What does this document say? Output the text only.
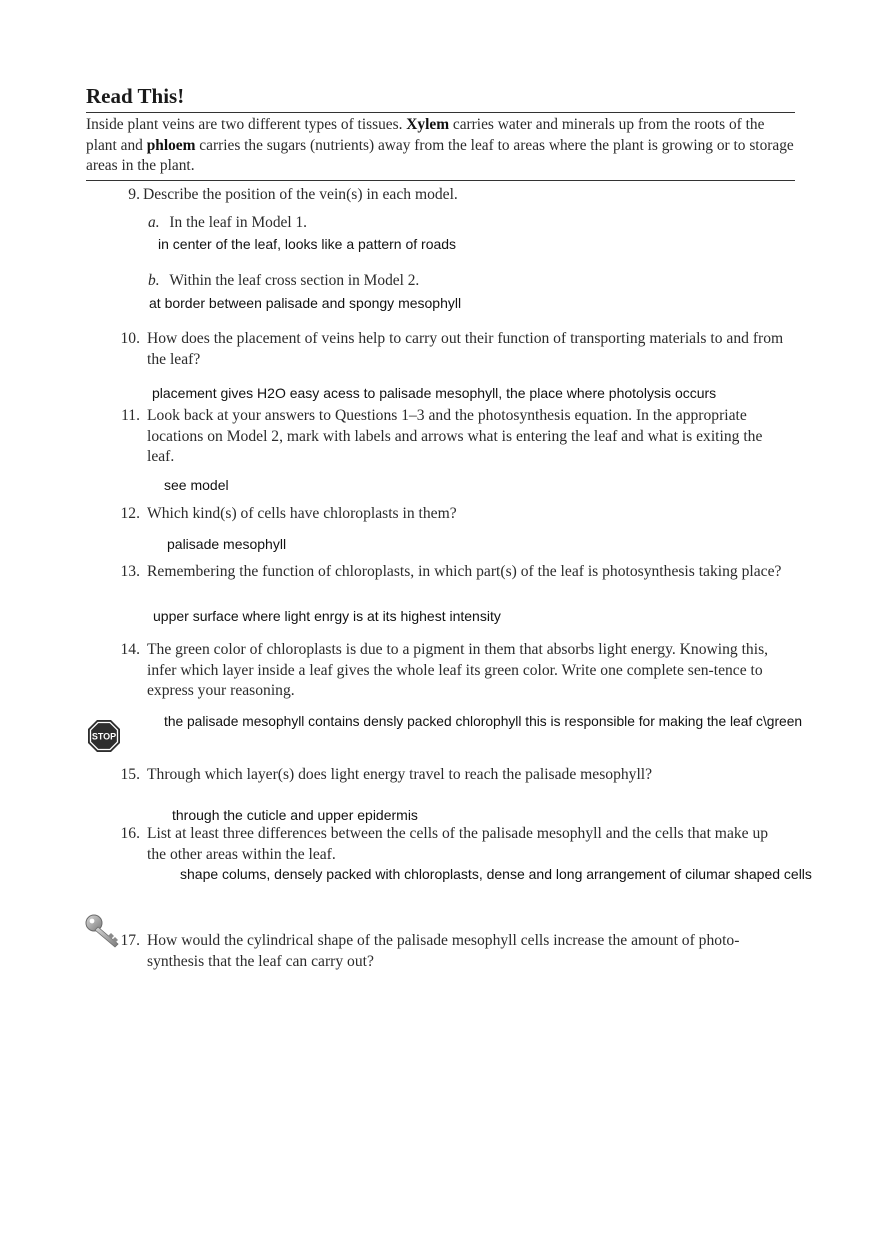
Read This!
Inside plant veins are two different types of tissues. Xylem carries water and minerals up from the roots of the plant and phloem carries the sugars (nutrients) away from the leaf to areas where the plant is growing or to storage areas in the plant.
9. Describe the position of the vein(s) in each model.
a. In the leaf in Model 1.
in center of the leaf, looks like a pattern of roads
b. Within the leaf cross section in Model 2.
at border between palisade and spongy mesophyll
10. How does the placement of veins help to carry out their function of transporting materials to and from the leaf?
placement gives H2O easy acess to palisade mesophyll, the place where photolysis occurs
11. Look back at your answers to Questions 1–3 and the photosynthesis equation. In the appropriate locations on Model 2, mark with labels and arrows what is entering the leaf and what is exiting the leaf.
see model
12. Which kind(s) of cells have chloroplasts in them?
palisade mesophyll
13. Remembering the function of chloroplasts, in which part(s) of the leaf is photosynthesis taking place?
upper surface where light enrgy is at its highest intensity
14. The green color of chloroplasts is due to a pigment in them that absorbs light energy. Knowing this, infer which layer inside a leaf gives the whole leaf its green color. Write one complete sen-tence to express your reasoning.
the palisade mesophyll contains densly packed chlorophyll this is responsible for making the leaf c\green
STOP
15. Through which layer(s) does light energy travel to reach the palisade mesophyll?
through the cuticle and upper epidermis
16. List at least three differences between the cells of the palisade mesophyll and the cells that make up the other areas within the leaf.
shape colums, densely packed with chloroplasts, dense and long arrangement of cilumar shaped cells
17. How would the cylindrical shape of the palisade mesophyll cells increase the amount of photo-synthesis that the leaf can carry out?
